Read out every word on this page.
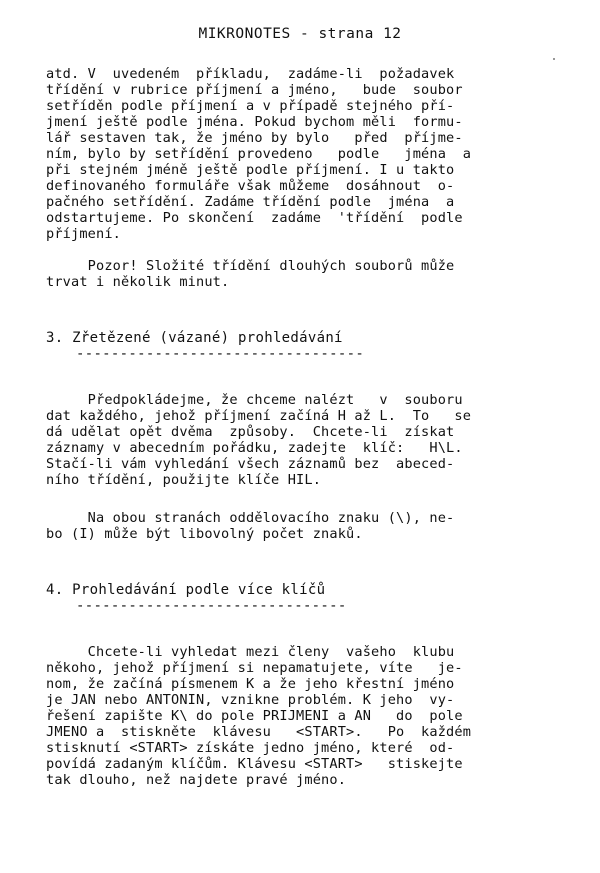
MIKRONOTES - strana 12
atd. V  uvedeném  příkladu,  zadáme-li  požadavek
třídění v rubrice příjmení a jméno,   bude  soubor
setříděn podle příjmení a v případě stejného pří-
jmení ještě podle jména. Pokud bychom měli  formu-
lář sestaven tak, že jméno by bylo   před  příjme-
ním, bylo by setřídění provedeno   podle   jména  a
při stejném jméně ještě podle příjmení. I u takto
definovaného formuláře však můžeme  dosáhnout  o-
pačného setřídění. Zadáme třídění podle  jména  a
odstartujeme. Po skončení  zadáme  'třídění  podle
příjmení.
Pozor! Složité třídění dlouhých souborů může
trvat i několik minut.
3. Zřetězené (vázané) prohledávání
---------------------------------
Předpokládejme, že chceme nalézt   v  souboru
dat každého, jehož příjmení začíná H až L.  To   se
dá udělat opět dvěma  způsoby.  Chcete-li  získat
záznamy v abecedním pořádku, zadejte  klíč:   H\L.
Stačí-li vám vyhledání všech záznamů bez  abeced-
ního třídění, použijte klíče HIL.
Na obou stranách oddělovacího znaku (\), ne-
bo (I) může být libovolný počet znaků.
4. Prohledávání podle více klíčů
-------------------------------
Chcete-li vyhledat mezi členy  vašeho  klubu
někoho, jehož příjmení si nepamatujete, víte   je-
nom, že začíná písmenem K a že jeho křestní jméno
je JAN nebo ANTONIN, vznikne problém. K jeho  vy-
řešení zapište K\ do pole PRIJMENI a AN   do  pole
JMENO a  stiskněte  klávesu   <START>.   Po  každém
stisknutí <START> získáte jedno jméno, které  od-
povídá zadaným klíčům. Klávesu <START>   stiskejte
tak dlouho, než najdete pravé jméno.
